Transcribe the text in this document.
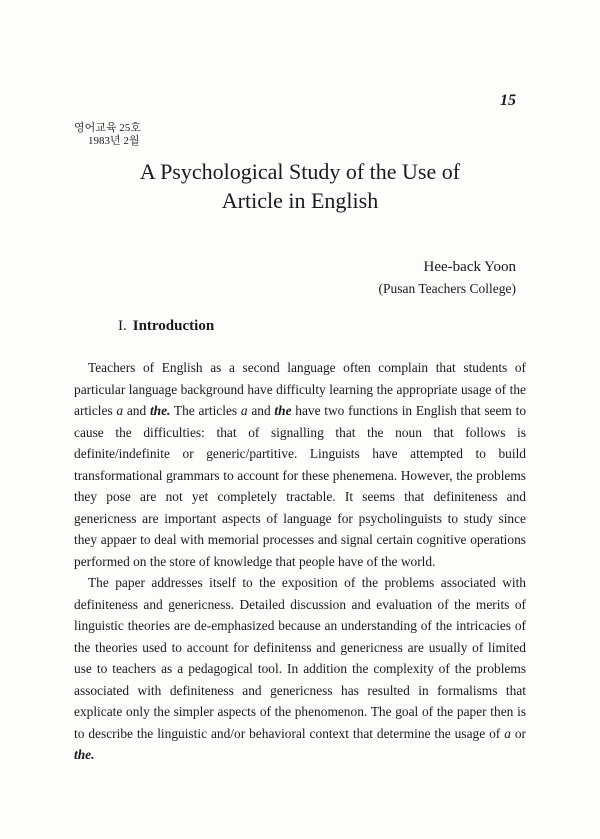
15
영어교육 25호
1983년 2월
A Psychological Study of the Use of
Article in English
Hee-back Yoon
(Pusan Teachers College)
I. Introduction

Teachers of English as a second language often complain that students of particular language background have difficulty learning the appropriate usage of the articles a and the. The articles a and the have two functions in English that seem to cause the difficulties: that of signalling that the noun that follows is definite/indefinite or generic/partitive. Linguists have attempted to build transformational grammars to account for these phenemena. However, the problems they pose are not yet completely tractable. It seems that definiteness and genericness are important aspects of language for psycholinguists to study since they appaer to deal with memorial processes and signal certain cognitive operations performed on the store of knowledge that people have of the world.

The paper addresses itself to the exposition of the problems associated with definiteness and genericness. Detailed discussion and evaluation of the merits of linguistic theories are de-emphasized because an understanding of the intricacies of the theories used to account for definitenss and genericness are usually of limited use to teachers as a pedagogical tool. In addition the complexity of the problems associated with definiteness and genericness has resulted in formalisms that explicate only the simpler aspects of the phenomenon. The goal of the paper then is to describe the linguistic and/or behavioral context that determine the usage of a or the.
